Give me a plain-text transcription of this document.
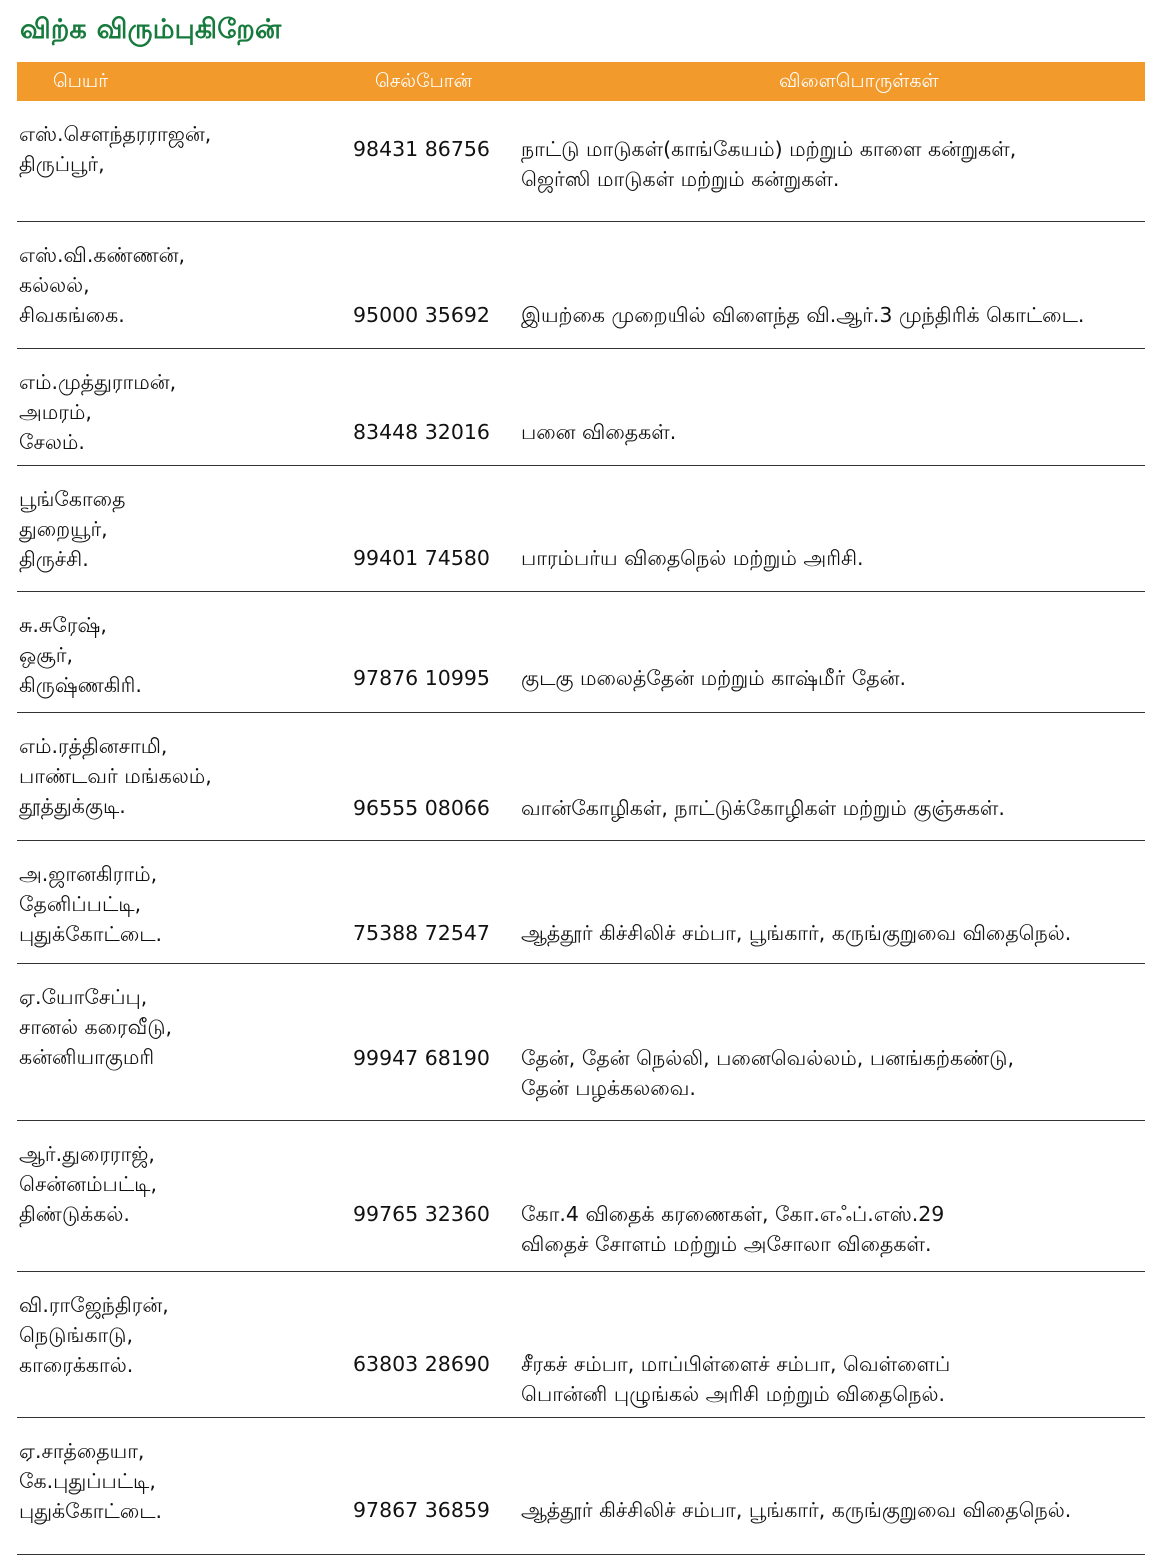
விற்க விரும்புகிறேன்
பெயர்	செல்போன்	விளைபொருள்கள்
எஸ்.செளந்தரராஜன்,
திருப்பூர்,
98431 86756 நாட்டு மாடுகள்(காங்கேயம்) மற்றும் காளை கன்றுகள்,
ஜெர்ஸி மாடுகள் மற்றும் கன்றுகள்.
எஸ்.வி.கண்ணன்,
கல்லல்,
சிவகங்கை.	95000 35692 இயற்கை முறையில் விளைந்த வி.ஆர்.3 முந்திரிக் கொட்டை.
எம்.முத்துராமன்,
அமரம்,
சேலம்.	83448 32016 பனை விதைகள்.
பூங்கோதை
துறையூர்,
திருச்சி.	99401 74580 பாரம்பர்ய விதைநெல் மற்றும் அரிசி.
சு.சுரேஷ்,
ஒசூர்,
கிருஷ்ணகிரி.	97876 10995 குடகு மலைத்தேன் மற்றும் காஷ்மீர் தேன்.
எம்.ரத்தினசாமி,
பாண்டவர் மங்கலம்,
தூத்துக்குடி.	96555 08066 வான்கோழிகள், நாட்டுக்கோழிகள் மற்றும் குஞ்சுகள்.
அ.ஜானகிராம்,
தேனிப்பட்டி,
புதுக்கோட்டை.	75388 72547 ஆத்தூர் கிச்சிலிச் சம்பா, பூங்கார், கருங்குறுவை விதைநெல்.
ஏ.யோசேப்பு,
சானல் கரைவீடு,
கன்னியாகுமரி	99947 68190 தேன், தேன் நெல்லி, பனைவெல்லம், பனங்கற்கண்டு,
தேன் பழக்கலவை.
ஆர்.துரைராஜ்,
சென்னம்பட்டி,
திண்டுக்கல்.	99765 32360 கோ.4 விதைக் கரணைகள், கோ.எஃப்.எஸ்.29
விதைச் சோளம் மற்றும் அசோலா விதைகள்.
வி.ராஜேந்திரன்,
நெடுங்காடு,
காரைக்கால்.	63803 28690 சீரகச் சம்பா, மாப்பிள்ளைச் சம்பா, வெள்ளைப்
பொன்னி புழுங்கல் அரிசி மற்றும் விதைநெல்.
ஏ.சாத்தையா,
கே.புதுப்பட்டி,
புதுக்கோட்டை.	97867 36859 ஆத்தூர் கிச்சிலிச் சம்பா, பூங்கார், கருங்குறுவை விதைநெல்.
